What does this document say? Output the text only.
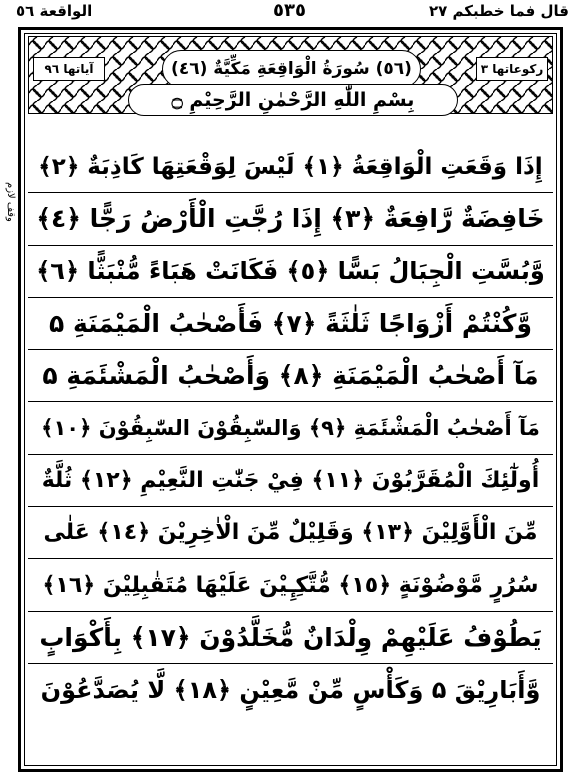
الواقعة ٥٦	٥٣٥	قال فما خطبكم ٢٧
وقف لازم
آياتها ٩٦	(٥٦) سُورَةُ الْوَاقِعَةِ مَكِّيَّةٌ (٤٦)	ركوعاتها ٣
بِسْمِ اللّٰهِ الرَّحْمٰنِ الرَّحِيْمِ ۝
إِذَا وَقَعَتِ الْوَاقِعَةُ ﴿١﴾ لَيْسَ لِوَقْعَتِهَا كَاذِبَةٌ ﴿٢﴾
خَافِضَةٌ رَّافِعَةٌ ﴿٣﴾ إِذَا رُجَّتِ الْأَرْضُ رَجًّا ﴿٤﴾
وَّبُسَّتِ الْجِبَالُ بَسًّا ﴿٥﴾ فَكَانَتْ هَبَاءً مُّنْبَثًّا ﴿٦﴾
وَّكُنْتُمْ أَزْوَاجًا ثَلٰثَةً ﴿٧﴾ فَأَصْحٰبُ الْمَيْمَنَةِ ۵
مَآ أَصْحٰبُ الْمَيْمَنَةِ ﴿٨﴾ وَأَصْحٰبُ الْمَشْئَمَةِ ۵
مَآ أَصْحٰبُ الْمَشْئَمَةِ ﴿٩﴾ وَالسّٰبِقُوْنَ السّٰبِقُوْنَ ﴿١٠﴾
أُولٰٓئِكَ الْمُقَرَّبُوْنَ ﴿١١﴾ فِيْ جَنّٰتِ النَّعِيْمِ ﴿١٢﴾ ثُلَّةٌ
مِّنَ الْأَوَّلِيْنَ ﴿١٣﴾ وَقَلِيْلٌ مِّنَ الْاٰخِرِيْنَ ﴿١٤﴾ عَلٰى
سُرُرٍ مَّوْضُوْنَةٍ ﴿١٥﴾ مُّتَّكِـِٕيْنَ عَلَيْهَا مُتَقٰبِلِيْنَ ﴿١٦﴾
يَطُوْفُ عَلَيْهِمْ وِلْدَانٌ مُّخَلَّدُوْنَ ﴿١٧﴾ بِأَكْوَابٍ
وَّأَبَارِيْقَ ۵ وَكَأْسٍ مِّنْ مَّعِيْنٍ ﴿١٨﴾ لَّا يُصَدَّعُوْنَ
